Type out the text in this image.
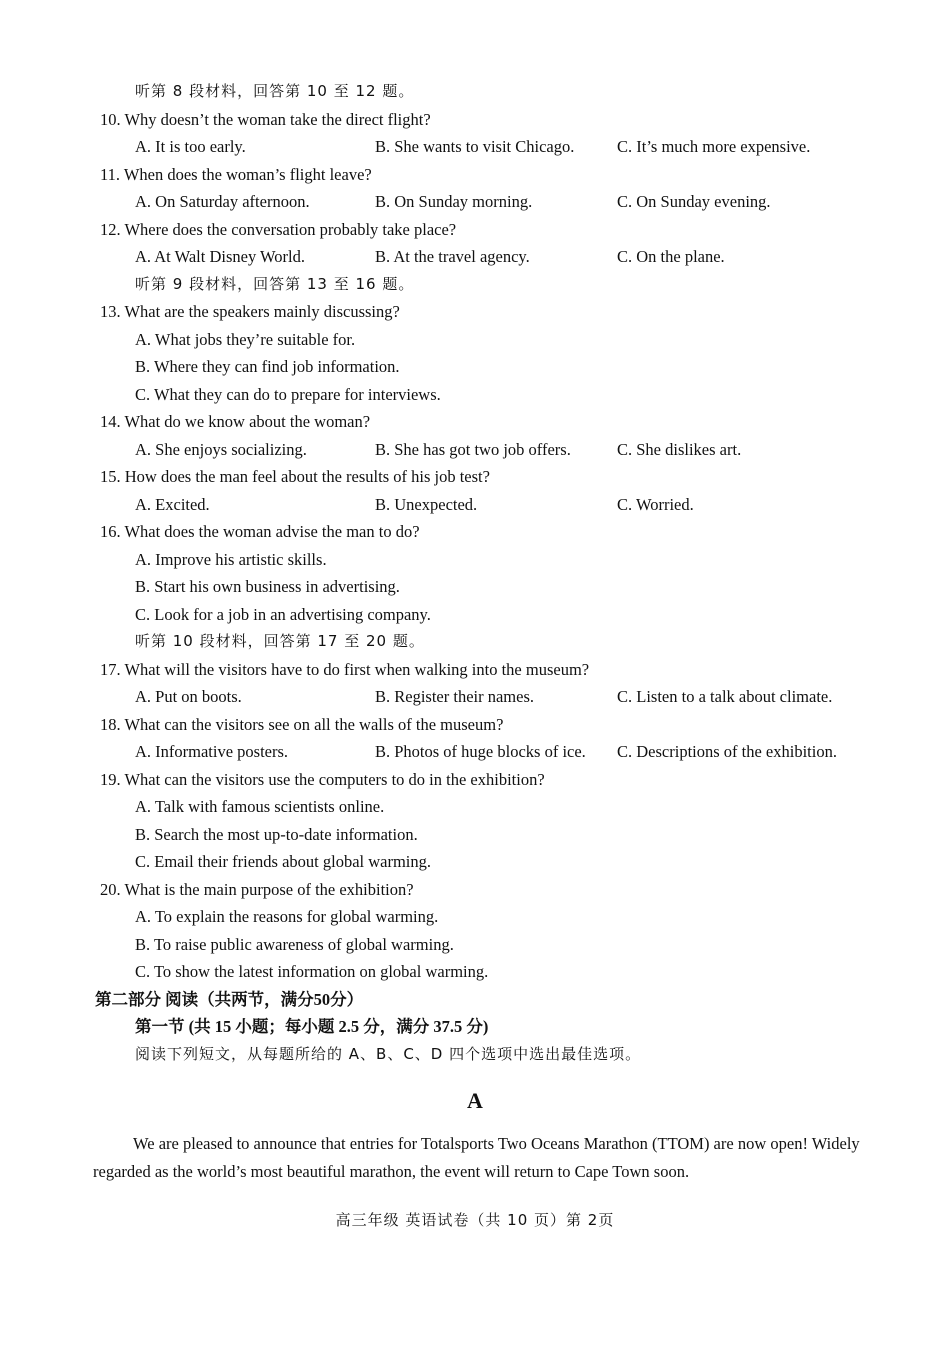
听第 8 段材料，回答第 10 至 12 题。
10. Why doesn’t the woman take the direct flight?
A. It is too early.	B. She wants to visit Chicago.	C. It’s much more expensive.
11. When does the woman’s flight leave?
A. On Saturday afternoon.	B. On Sunday morning.	C. On Sunday evening.
12. Where does the conversation probably take place?
A. At Walt Disney World.	B. At the travel agency.	C. On the plane.
听第 9 段材料，回答第 13 至 16 题。
13. What are the speakers mainly discussing?
A. What jobs they’re suitable for.
B. Where they can find job information.
C. What they can do to prepare for interviews.
14. What do we know about the woman?
A. She enjoys socializing.	B. She has got two job offers.	C. She dislikes art.
15. How does the man feel about the results of his job test?
A. Excited.	B. Unexpected.	C. Worried.
16. What does the woman advise the man to do?
A. Improve his artistic skills.
B. Start his own business in advertising.
C. Look for a job in an advertising company.
听第 10 段材料，回答第 17 至 20 题。
17. What will the visitors have to do first when walking into the museum?
A. Put on boots.	B. Register their names.	C. Listen to a talk about climate.
18. What can the visitors see on all the walls of the museum?
A. Informative posters.	B. Photos of huge blocks of ice. C. Descriptions of the exhibition.
19. What can the visitors use the computers to do in the exhibition?
A. Talk with famous scientists online.
B. Search the most up-to-date information.
C. Email their friends about global warming.
20. What is the main purpose of the exhibition?
A. To explain the reasons for global warming.
B. To raise public awareness of global warming.
C. To show the latest information on global warming.
第二部分 阅读（共两节，满分50分）
第一节 (共 15 小题；每小题 2.5 分，满分 37.5 分)
阅读下列短文，从每题所给的 A、B、C、D 四个选项中选出最佳选项。
A
We are pleased to announce that entries for Totalsports Two Oceans Marathon (TTOM) are now open! Widely regarded as the world’s most beautiful marathon, the event will return to Cape Town soon.
高三年级 英语试卷（共 10 页）第 2页
